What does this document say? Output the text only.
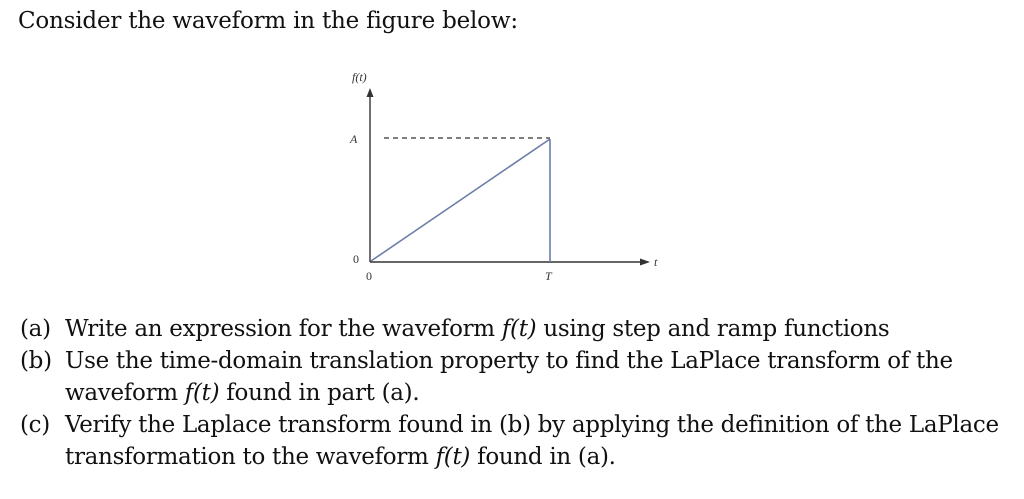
Consider the waveform in the figure below:
f(t)
t
A
0
0	T
(a) Write an expression for the waveform f(t) using step and ramp functions
(b) Use the time-domain translation property to find the LaPlace transform of the waveform f(t) found in part (a).
(c) Verify the Laplace transform found in (b) by applying the definition of the LaPlace transformation to the waveform f(t) found in (a).
